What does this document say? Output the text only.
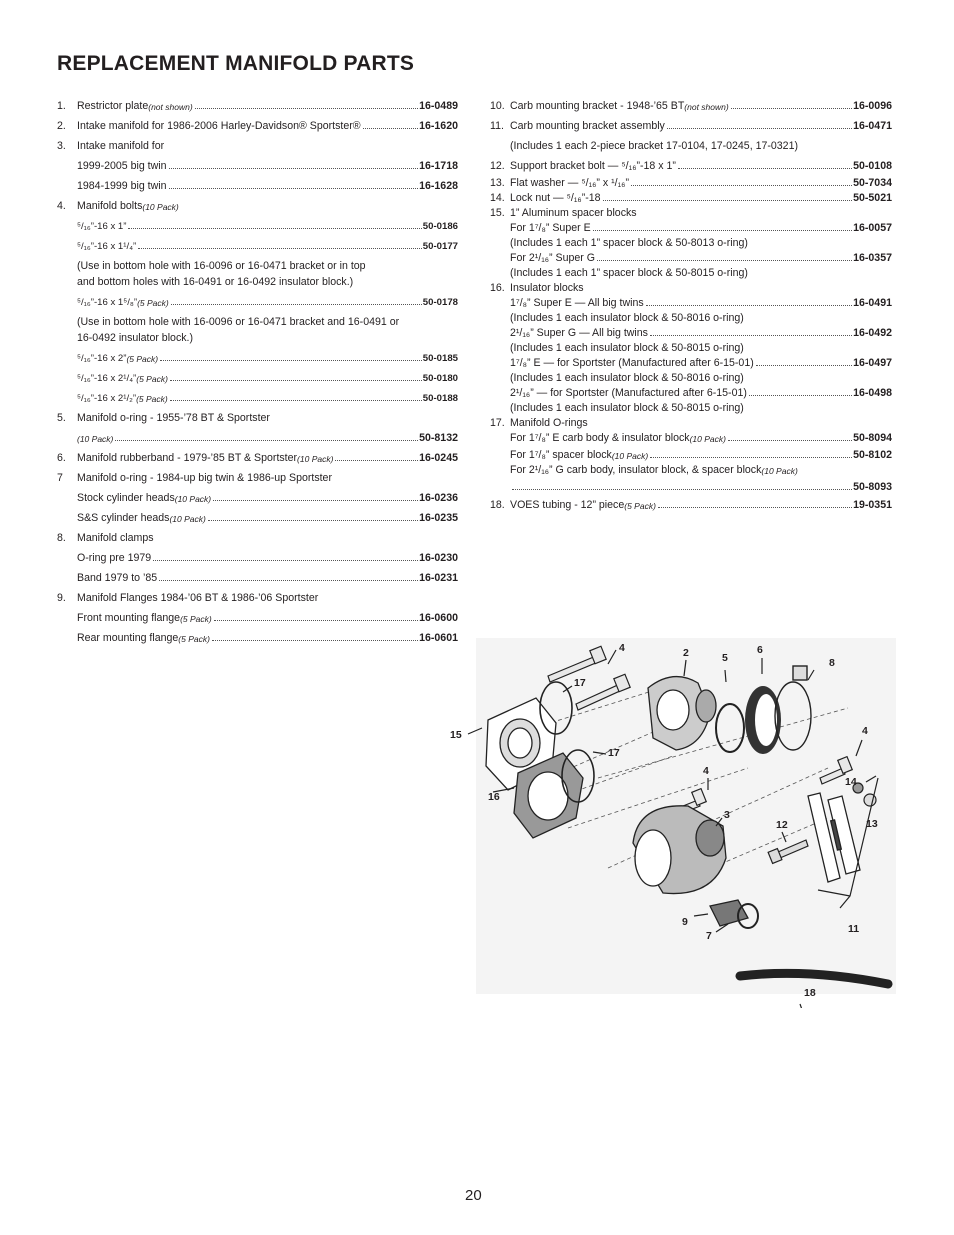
REPLACEMENT MANIFOLD PARTS
1.	Restrictor plate (not shown)	16-0489
2.	Intake manifold for 1986-2006 Harley-Davidson® Sportster®	16-1620
3.	Intake manifold for
1999-2005 big twin	16-1718
1984-1999 big twin	16-1628
4.	Manifold bolts (10 Pack)
⁵/₁₆”-16 x 1”	50-0186
⁵/₁₆”-16 x 1¹/₄”	50-0177
(Use in bottom hole with 16-0096 or 16-0471 bracket or in top
and bottom holes with 16-0491 or 16-0492 insulator block.)
⁵/₁₆”-16 x 1⁵/₈” (5 Pack)	50-0178
(Use in bottom hole with 16-0096 or 16-0471 bracket and 16-0491 or
16-0492 insulator block.)
⁵/₁₆”-16 x 2” (5 Pack)	50-0185
⁵/₁₆”-16 x 2¹/₄” (5 Pack)	50-0180
⁵/₁₆”-16 x 2¹/₂” (5 Pack)	50-0188
5.	Manifold o-ring - 1955-’78 BT & Sportster
(10 Pack)	50-8132
6.	Manifold rubberband - 1979-’85 BT & Sportster (10 Pack)	16-0245
7	Manifold o-ring - 1984-up big twin & 1986-up Sportster
Stock cylinder heads (10 Pack)	16-0236
S&S cylinder heads (10 Pack)	16-0235
8.	Manifold clamps
O-ring pre 1979	16-0230
Band 1979 to ’85	16-0231
9.	Manifold Flanges 1984-’06 BT & 1986-’06 Sportster
Front mounting flange (5 Pack)	16-0600
Rear mounting flange (5 Pack)	16-0601
10. Carb mounting bracket - 1948-’65 BT (not shown)	16-0096
11. Carb mounting bracket assembly	16-0471
(Includes 1 each 2-piece bracket 17-0104, 17-0245, 17-0321)
12. Support bracket bolt — ⁵/₁₆”-18 x 1”	50-0108
13. Flat washer — ⁵/₁₆” x ¹/₁₆”	50-7034
14. Lock nut — ⁵/₁₆”-18	50-5021
15. 1” Aluminum spacer blocks
For 1⁷/₈” Super E	16-0057
(Includes 1 each 1” spacer block & 50-8013 o-ring)
For 2¹/₁₆” Super G	16-0357
(Includes 1 each 1” spacer block & 50-8015 o-ring)
16. Insulator blocks
1⁷/₈” Super E — All big twins	16-0491
(Includes 1 each insulator block & 50-8016 o-ring)
2¹/₁₆” Super G — All big twins	16-0492
(Includes 1 each insulator block & 50-8015 o-ring)
1⁷/₈” E — for Sportster (Manufactured after 6-15-01)	16-0497
(Includes 1 each insulator block & 50-8016 o-ring)
2¹/₁₆” — for Sportster (Manufactured after 6-15-01)	16-0498
(Includes 1 each insulator block & 50-8015 o-ring)
17. Manifold O-rings
For 1⁷/₈” E carb body & insulator block (10 Pack)	50-8094
For 1⁷/₈” spacer block (10 Pack)	50-8102
For 2¹/₁₆” G carb body, insulator block, & spacer block (10 Pack)
50-8093
18. VOES tubing - 12” piece (5 Pack)	19-0351
4	2	5
6
8
17
15
17
4
16
4
14
3
12	13
9
7
11
18
20
